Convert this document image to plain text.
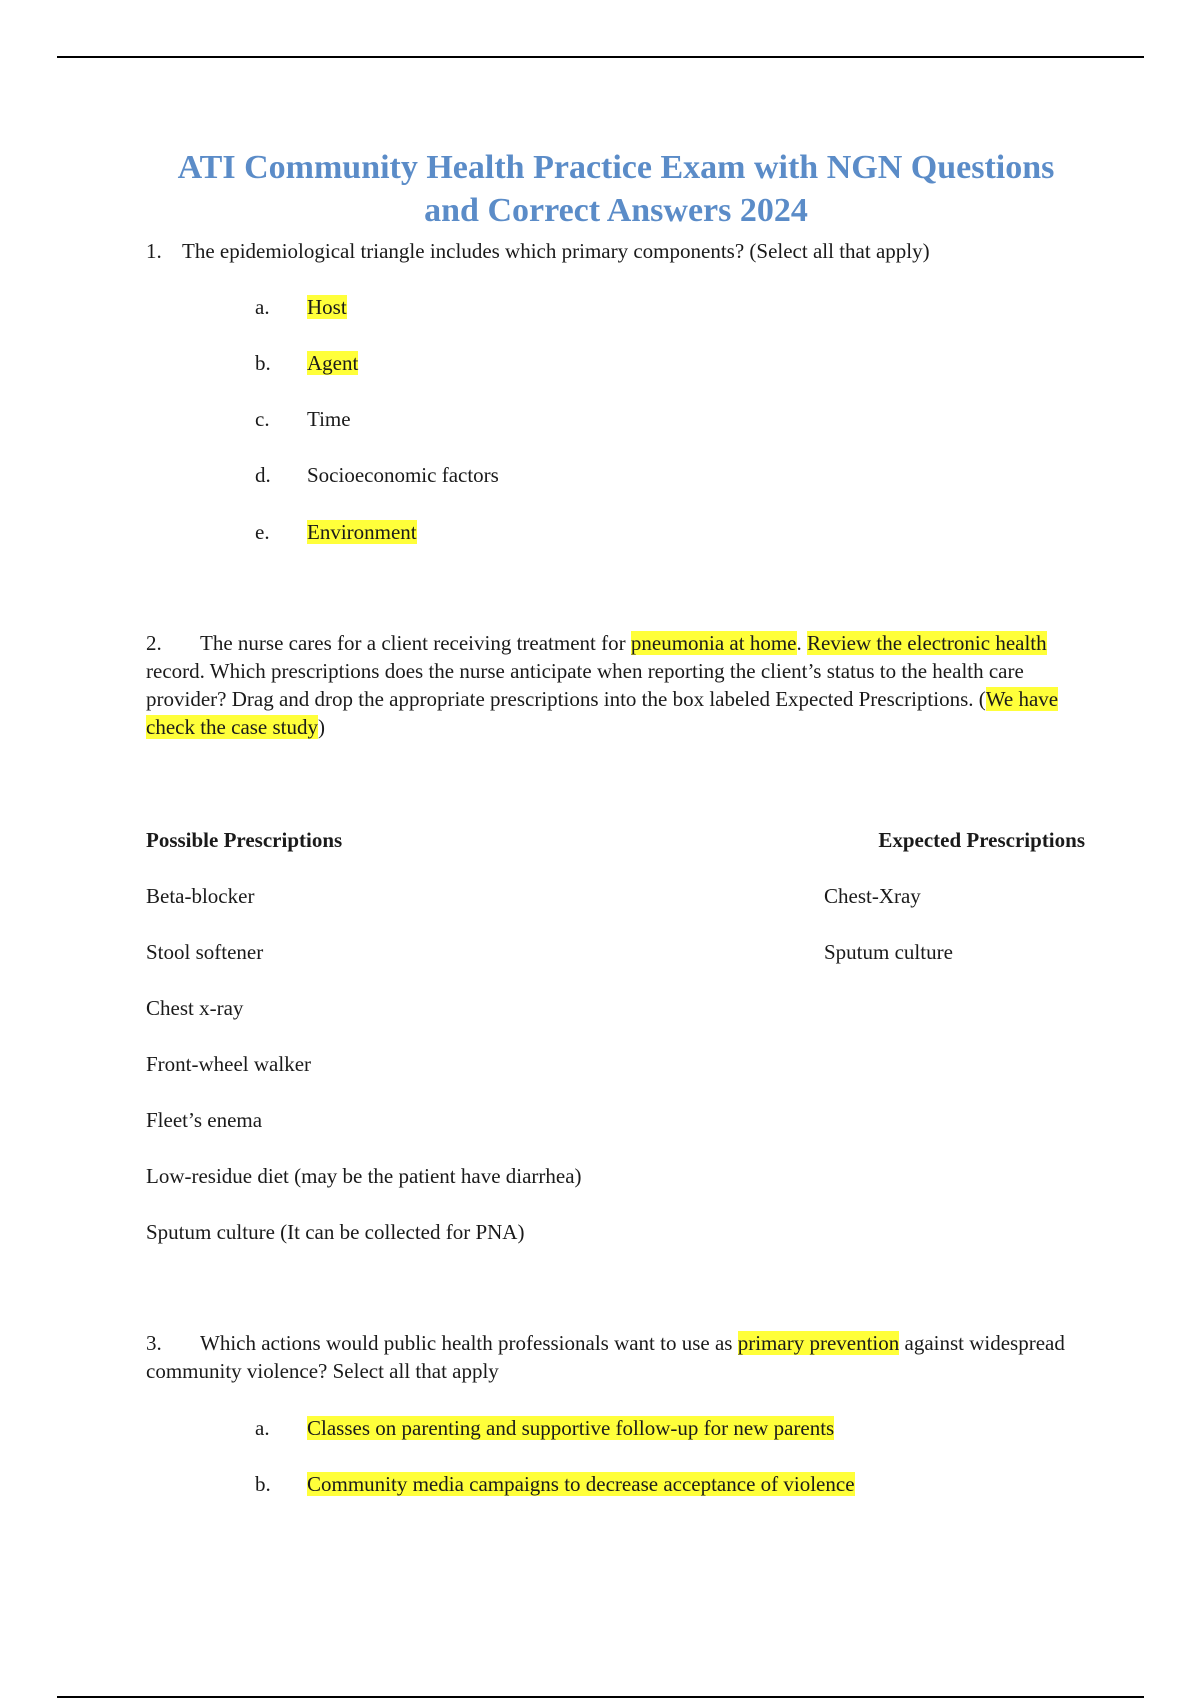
ATI Community Health Practice Exam with NGN Questions and Correct Answers 2024
1. The epidemiological triangle includes which primary components? (Select all that apply)
a. Host
b. Agent
c. Time
d. Socioeconomic factors
e. Environment
2. The nurse cares for a client receiving treatment for pneumonia at home. Review the electronic health record. Which prescriptions does the nurse anticipate when reporting the client’s status to the health care provider? Drag and drop the appropriate prescriptions into the box labeled Expected Prescriptions. (We have check the case study)
Possible Prescriptions	Expected Prescriptions
Beta-blocker
Stool softener
Chest x-ray
Front-wheel walker
Fleet’s enema
Low-residue diet (may be the patient have diarrhea)
Sputum culture (It can be collected for PNA)
Chest-Xray
Sputum culture
3. Which actions would public health professionals want to use as primary prevention against widespread community violence? Select all that apply
a. Classes on parenting and supportive follow-up for new parents
b. Community media campaigns to decrease acceptance of violence
